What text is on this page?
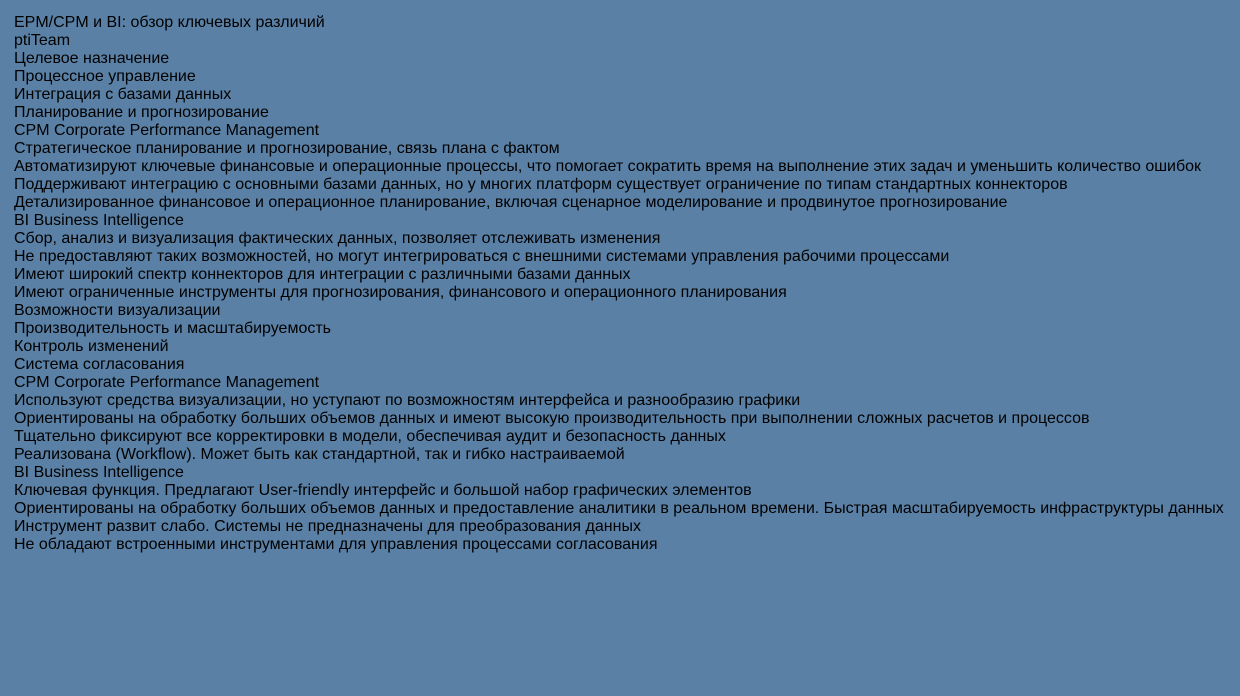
EPM/CPM и BI: обзор ключевых различий
ptiTeam
Целевое назначение
Процессное управление
Интеграция с базами данных
Планирование и прогнозирование
CPM Corporate Performance Management
Стратегическое планирование и прогнозирование, связь плана с фактом
Автоматизируют ключевые финансовые и операционные процессы, что помогает сократить время на выполнение этих задач и уменьшить количество ошибок
Поддерживают интеграцию с основными базами данных, но у многих платформ существует ограничение по типам стандартных коннекторов
Детализированное финансовое и операционное планирование, включая сценарное моделирование и продвинутое прогнозирование
BI Business Intelligence
Сбор, анализ и визуализация фактических данных, позволяет отслеживать изменения
Не предоставляют таких возможностей, но могут интегрироваться с внешними системами управления рабочими процессами
Имеют широкий спектр коннекторов для интеграции с различными базами данных
Имеют ограниченные инструменты для прогнозирования, финансового и операционного планирования
Возможности визуализации
Производительность и масштабируемость
Контроль изменений
Система согласования
CPM Corporate Performance Management
Используют средства визуализации, но уступают по возможностям интерфейса и разнообразию графики
Ориентированы на обработку больших объемов данных и имеют высокую производительность при выполнении сложных расчетов и процессов
Тщательно фиксируют все корректировки в модели, обеспечивая аудит и безопасность данных
Реализована (Workflow). Может быть как стандартной, так и гибко настраиваемой
BI Business Intelligence
Ключевая функция. Предлагают User-friendly интерфейс и большой набор графических элементов
Ориентированы на обработку больших объемов данных и предоставление аналитики в реальном времени. Быстрая масштабируемость инфраструктуры данных
Инструмент развит слабо. Системы не предназначены для преобразования данных
Не обладают встроенными инструментами для управления процессами согласования
